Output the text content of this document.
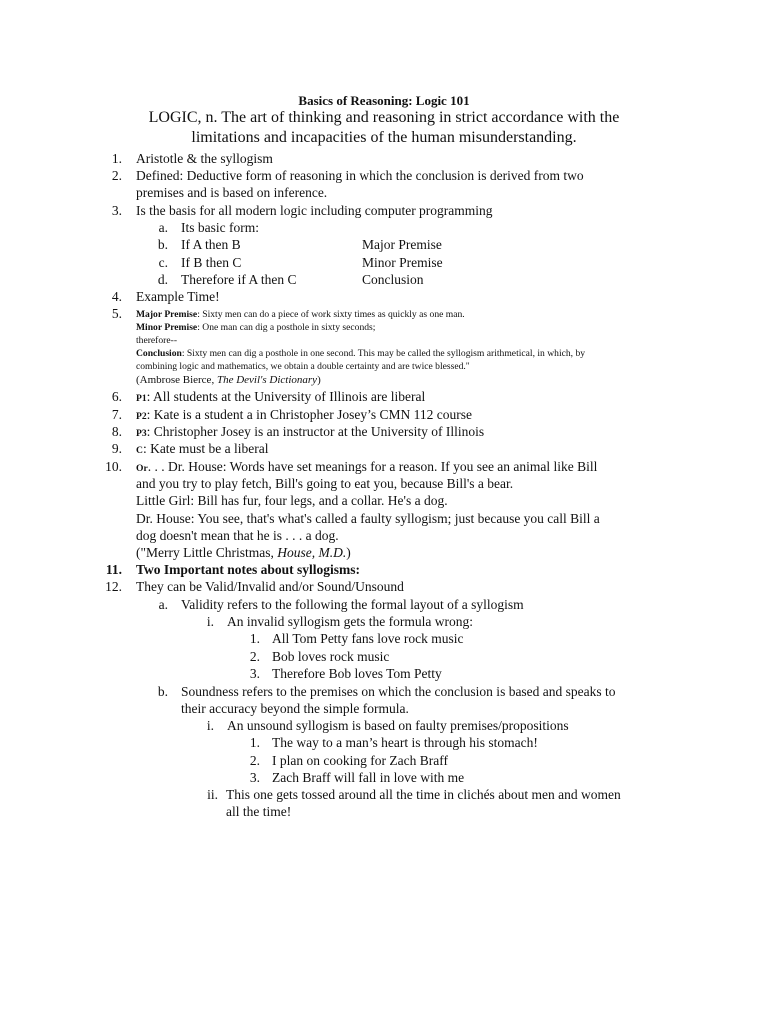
Basics of Reasoning: Logic 101
LOGIC, n. The art of thinking and reasoning in strict accordance with the
limitations and incapacities of the human misunderstanding.
1. Aristotle & the syllogism
2. Defined: Deductive form of reasoning in which the conclusion is derived from two
premises and is based on inference.
3. Is the basis for all modern logic including computer programming
a. Its basic form:
b. If A then B	Major Premise
c. If B then C	Minor Premise
d. Therefore if A then C	Conclusion
4. Example Time!
5. Major Premise: Sixty men can do a piece of work sixty times as quickly as one man.
Minor Premise: One man can dig a posthole in sixty seconds;
therefore--
Conclusion: Sixty men can dig a posthole in one second. This may be called the syllogism arithmetical, in which, by
combining logic and mathematics, we obtain a double certainty and are twice blessed."
(Ambrose Bierce, The Devil's Dictionary)
6. P1: All students at the University of Illinois are liberal
7. P2: Kate is a student a in Christopher Josey’s CMN 112 course
8. P3: Christopher Josey is an instructor at the University of Illinois
9. C: Kate must be a liberal
10. Or. . . Dr. House: Words have set meanings for a reason. If you see an animal like Bill
and you try to play fetch, Bill's going to eat you, because Bill's a bear.
Little Girl: Bill has fur, four legs, and a collar. He's a dog.
Dr. House: You see, that's what's called a faulty syllogism; just because you call Bill a
dog doesn't mean that he is . . . a dog.
("Merry Little Christmas, House, M.D.)
11. Two Important notes about syllogisms:
12. They can be Valid/Invalid and/or Sound/Unsound
a. Validity refers to the following the formal layout of a syllogism
i. An invalid syllogism gets the formula wrong:
1. All Tom Petty fans love rock music
2. Bob loves rock music
3. Therefore Bob loves Tom Petty
b. Soundness refers to the premises on which the conclusion is based and speaks to
their accuracy beyond the simple formula.
i. An unsound syllogism is based on faulty premises/propositions
1. The way to a man’s heart is through his stomach!
2. I plan on cooking for Zach Braff
3. Zach Braff will fall in love with me
ii. This one gets tossed around all the time in clichés about men and women
all the time!
